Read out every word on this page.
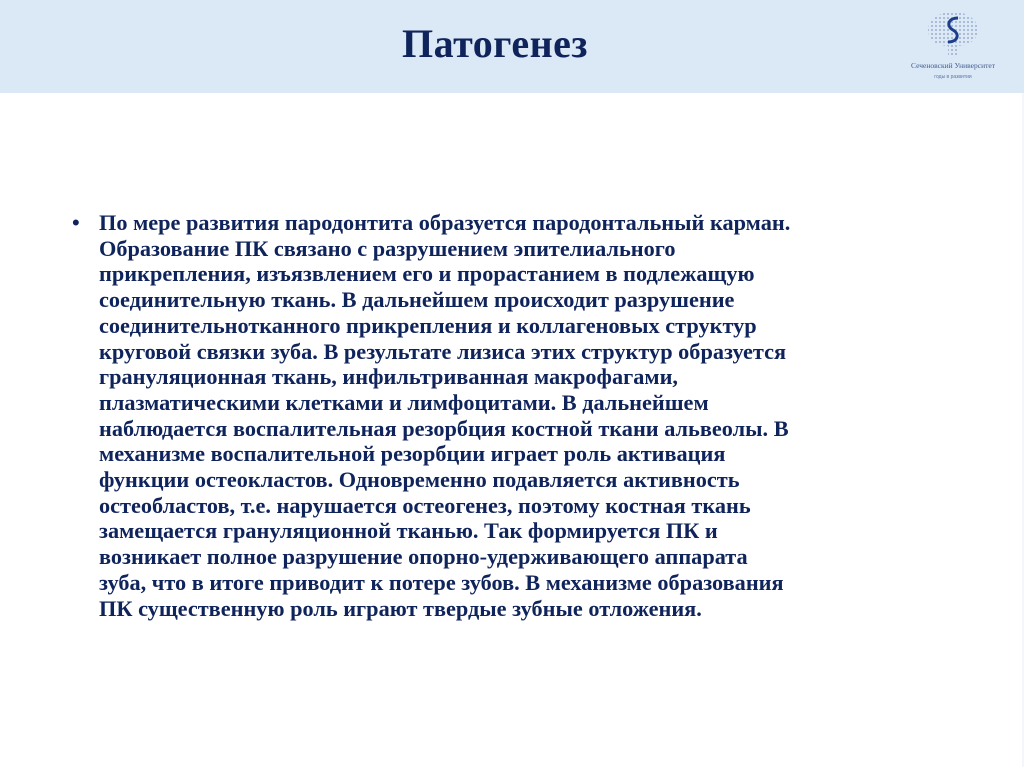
Патогенез	Сеченовский Университет
годы в развитии
• По мере развития пародонтита образуется пародонтальный карман.
Образование ПК связано с разрушением эпителиального
прикрепления, изъязвлением его и прорастанием в подлежащую
соединительную ткань. В дальнейшем происходит разрушение
соединительнотканного прикрепления и коллагеновых структур
круговой связки зуба. В результате лизиса этих структур образуется
грануляционная ткань, инфильтриванная макрофагами,
плазматическими клетками и лимфоцитами. В дальнейшем
наблюдается воспалительная резорбция костной ткани альвеолы. В
механизме воспалительной резорбции играет роль активация
функции остеокластов. Одновременно подавляется активность
остеобластов, т.е. нарушается остеогенез, поэтому костная ткань
замещается грануляционной тканью. Так формируется ПК и
возникает полное разрушение опорно-удерживающего аппарата
зуба, что в итоге приводит к потере зубов. В механизме образования
ПК существенную роль играют твердые зубные отложения.
